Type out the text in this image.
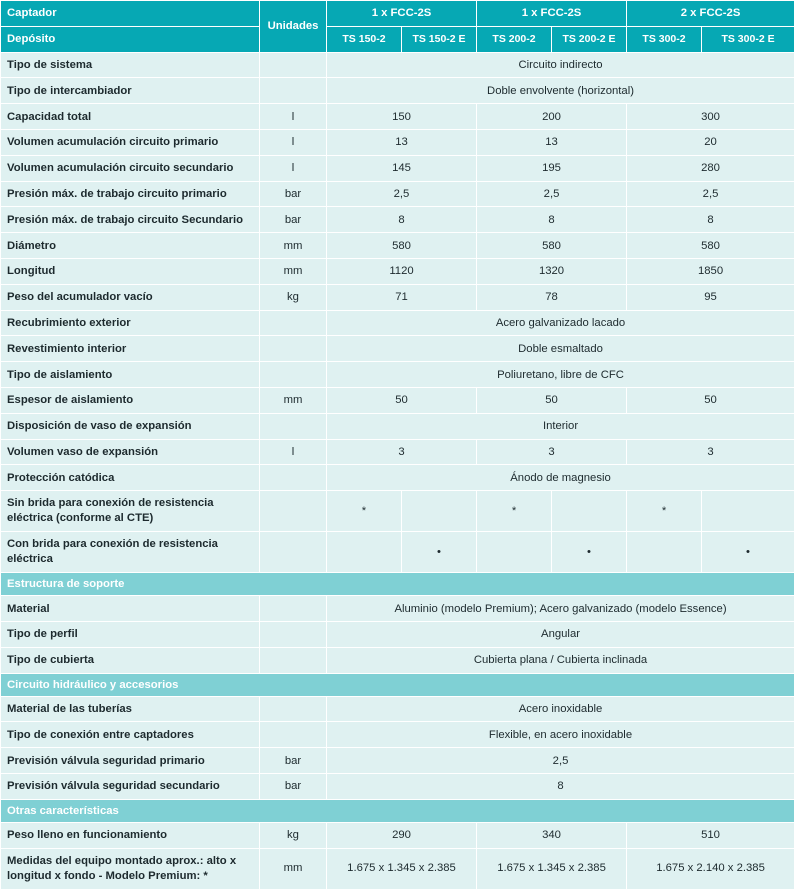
Captador	Unidades	1 x FCC-2S		1 x FCC-2S		2 x FCC-2S	
Depósito		TS 150-2	TS 150-2 E	TS 200-2	TS 200-2 E	TS 300-2	TS 300-2 E
Tipo de sistema		Circuito indirecto					
Tipo de intercambiador		Doble envolvente (horizontal)					
Capacidad total	l	150		200		300	
Volumen acumulación circuito primario	l	13		13		20	
Volumen acumulación circuito secundario	l	145		195		280	
Presión máx. de trabajo circuito primario	bar	2,5		2,5		2,5	
Presión máx. de trabajo circuito Secundario	bar	8		8		8	
Diámetro	mm	580		580		580	
Longitud	mm	1120		1320		1850	
Peso del acumulador vacío	kg	71		78		95	
Recubrimiento exterior		Acero galvanizado lacado					
Revestimiento interior		Doble esmaltado					
Tipo de aislamiento		Poliuretano, libre de CFC					
Espesor de aislamiento	mm	50		50		50	
Disposición de vaso de expansión		Interior					
Volumen vaso de expansión	l	3		3		3	
Protección catódica		Ánodo de magnesio					
Sin brida para conexión de resistencia eléctrica (conforme al CTE)		*		*		*	
Con brida para conexión de resistencia eléctrica			•		•		•
Estructura de soporte							
Material		Aluminio (modelo Premium); Acero galvanizado (modelo Essence)					
Tipo de perfil		Angular					
Tipo de cubierta		Cubierta plana / Cubierta inclinada					
Circuito hidráulico y accesorios							
Material de las tuberías		Acero inoxidable					
Tipo de conexión entre captadores		Flexible, en acero inoxidable					
Previsión válvula seguridad primario	bar	2,5					
Previsión válvula seguridad secundario	bar	8					
Otras características							
Peso lleno en funcionamiento	kg	290		340		510	
Medidas del equipo montado aprox.: alto x longitud x fondo - Modelo Premium: *	mm	1.675 x 1.345 x 2.385		1.675 x 1.345 x 2.385		1.675 x 2.140 x 2.385	
